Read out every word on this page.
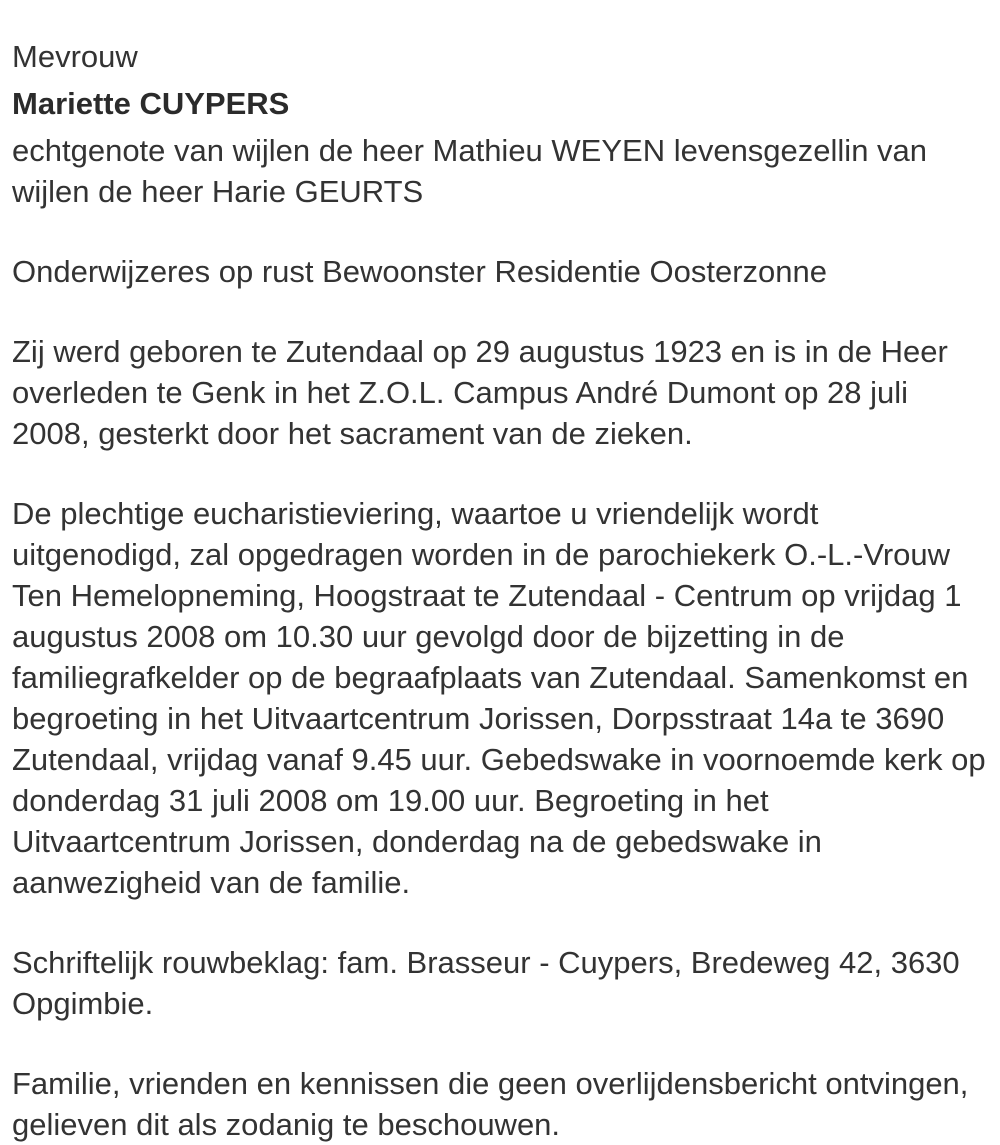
Mevrouw

Mariette CUYPERS

echtgenote van wijlen de heer Mathieu WEYEN levensgezellin van wijlen de heer Harie GEURTS

Onderwijzeres op rust Bewoonster Residentie Oosterzonne

Zij werd geboren te Zutendaal op 29 augustus 1923 en is in de Heer overleden te Genk in het Z.O.L. Campus André Dumont op 28 juli 2008, gesterkt door het sacrament van de zieken.

De plechtige eucharistieviering, waartoe u vriendelijk wordt uitgenodigd, zal opgedragen worden in de parochiekerk O.-L.-Vrouw Ten Hemelopneming, Hoogstraat te Zutendaal - Centrum op vrijdag 1 augustus 2008 om 10.30 uur gevolgd door de bijzetting in de familiegrafkelder op de begraafplaats van Zutendaal. Samenkomst en begroeting in het Uitvaartcentrum Jorissen, Dorpsstraat 14a te 3690 Zutendaal, vrijdag vanaf 9.45 uur. Gebedswake in voornoemde kerk op donderdag 31 juli 2008 om 19.00 uur. Begroeting in het Uitvaartcentrum Jorissen, donderdag na de gebedswake in aanwezigheid van de familie.

Schriftelijk rouwbeklag: fam. Brasseur - Cuypers, Bredeweg 42, 3630 Opgimbie.

Familie, vrienden en kennissen die geen overlijdensbericht ontvingen, gelieven dit als zodanig te beschouwen.
